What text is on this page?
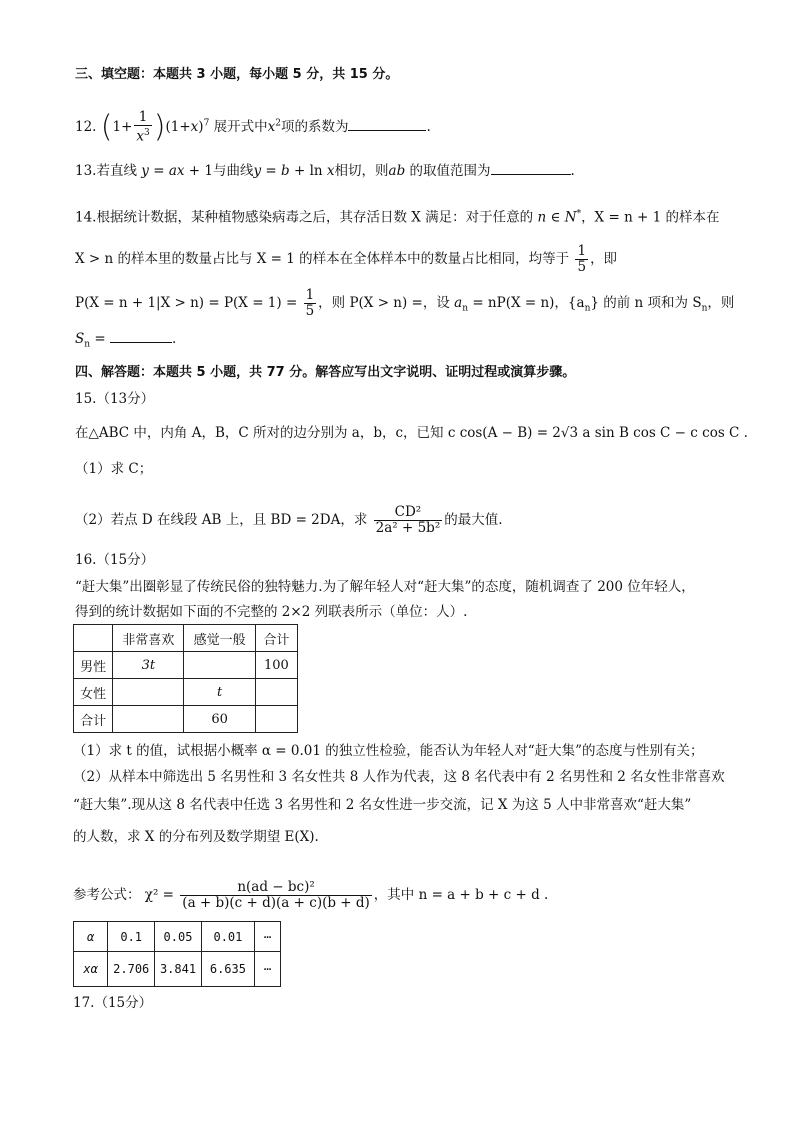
三、填空题：本题共 3 小题，每小题 5 分，共 15 分。
12. $(1+ \frac{1}{x^3} )(1+x)^7$ 展开式中$x^2$项的系数为	.
13.若直线 y = ax + 1与曲线y = b + ln x相切，则ab 的取值范围为	.
14.根据统计数据，某种植物感染病毒之后，其存活日数 X 满足：对于任意的 n ∈ N*，X = n + 1 的样本在
X > n 的样本里的数量占比与 X = 1 的样本在全体样本中的数量占比相同，均等于 $\frac{1}{5}$ ，即
$P(X = n + 1|X > n) = P(X = 1) = \frac{1}{5}$ ，则 P(X > n) =，设 $a_n = nP(X = n)$，$\{a_n\}$ 的前 n 项和为 $S_n$，则
$S_n$ =	.
四、解答题：本题共 5 小题，共 77 分。解答应写出文字说明、证明过程或演算步骤。
15.（13分）
在△ABC 中，内角 A，B，C 所对的边分别为 a，b，c，已知 c cos(A − B) = 2√3 a sin B cos C − c cos C .
（1）求 C；
（2）若点 D 在线段 AB 上，且 BD = 2DA，求 $\frac{\text{CD²}}{\text{2a² + 5b²}}$ 的最大值.
16.（15分）
“赶大集”出圈彰显了传统民俗的独特魅力.为了解年轻人对“赶大集”的态度，随机调查了 200 位年轻人，
得到的统计数据如下面的不完整的 2×2 列联表所示（单位：人）.
	非常喜欢	感觉一般	合计
男性	3t		100
女性		t	
合计		60	
（1）求 t 的值，试根据小概率 α = 0.01 的独立性检验，能否认为年轻人对“赶大集”的态度与性别有关；
（2）从样本中筛选出 5 名男性和 3 名女性共 8 人作为代表，这 8 名代表中有 2 名男性和 2 名女性非常喜欢
“赶大集”.现从这 8 名代表中任选 3 名男性和 2 名女性进一步交流，记 X 为这 5 人中非常喜欢“赶大集”
的人数，求 X 的分布列及数学期望 E(X).
参考公式： $\chi^2 = \frac{\text{n(ad − bc)²}}{(a + b)(c + d)(a + c)(b + d)}$ ，其中 n = a + b + c + d .
α	0.1	0.05	0.01	⋯
xα	2.706	3.841	6.635	⋯
17.（15分）
